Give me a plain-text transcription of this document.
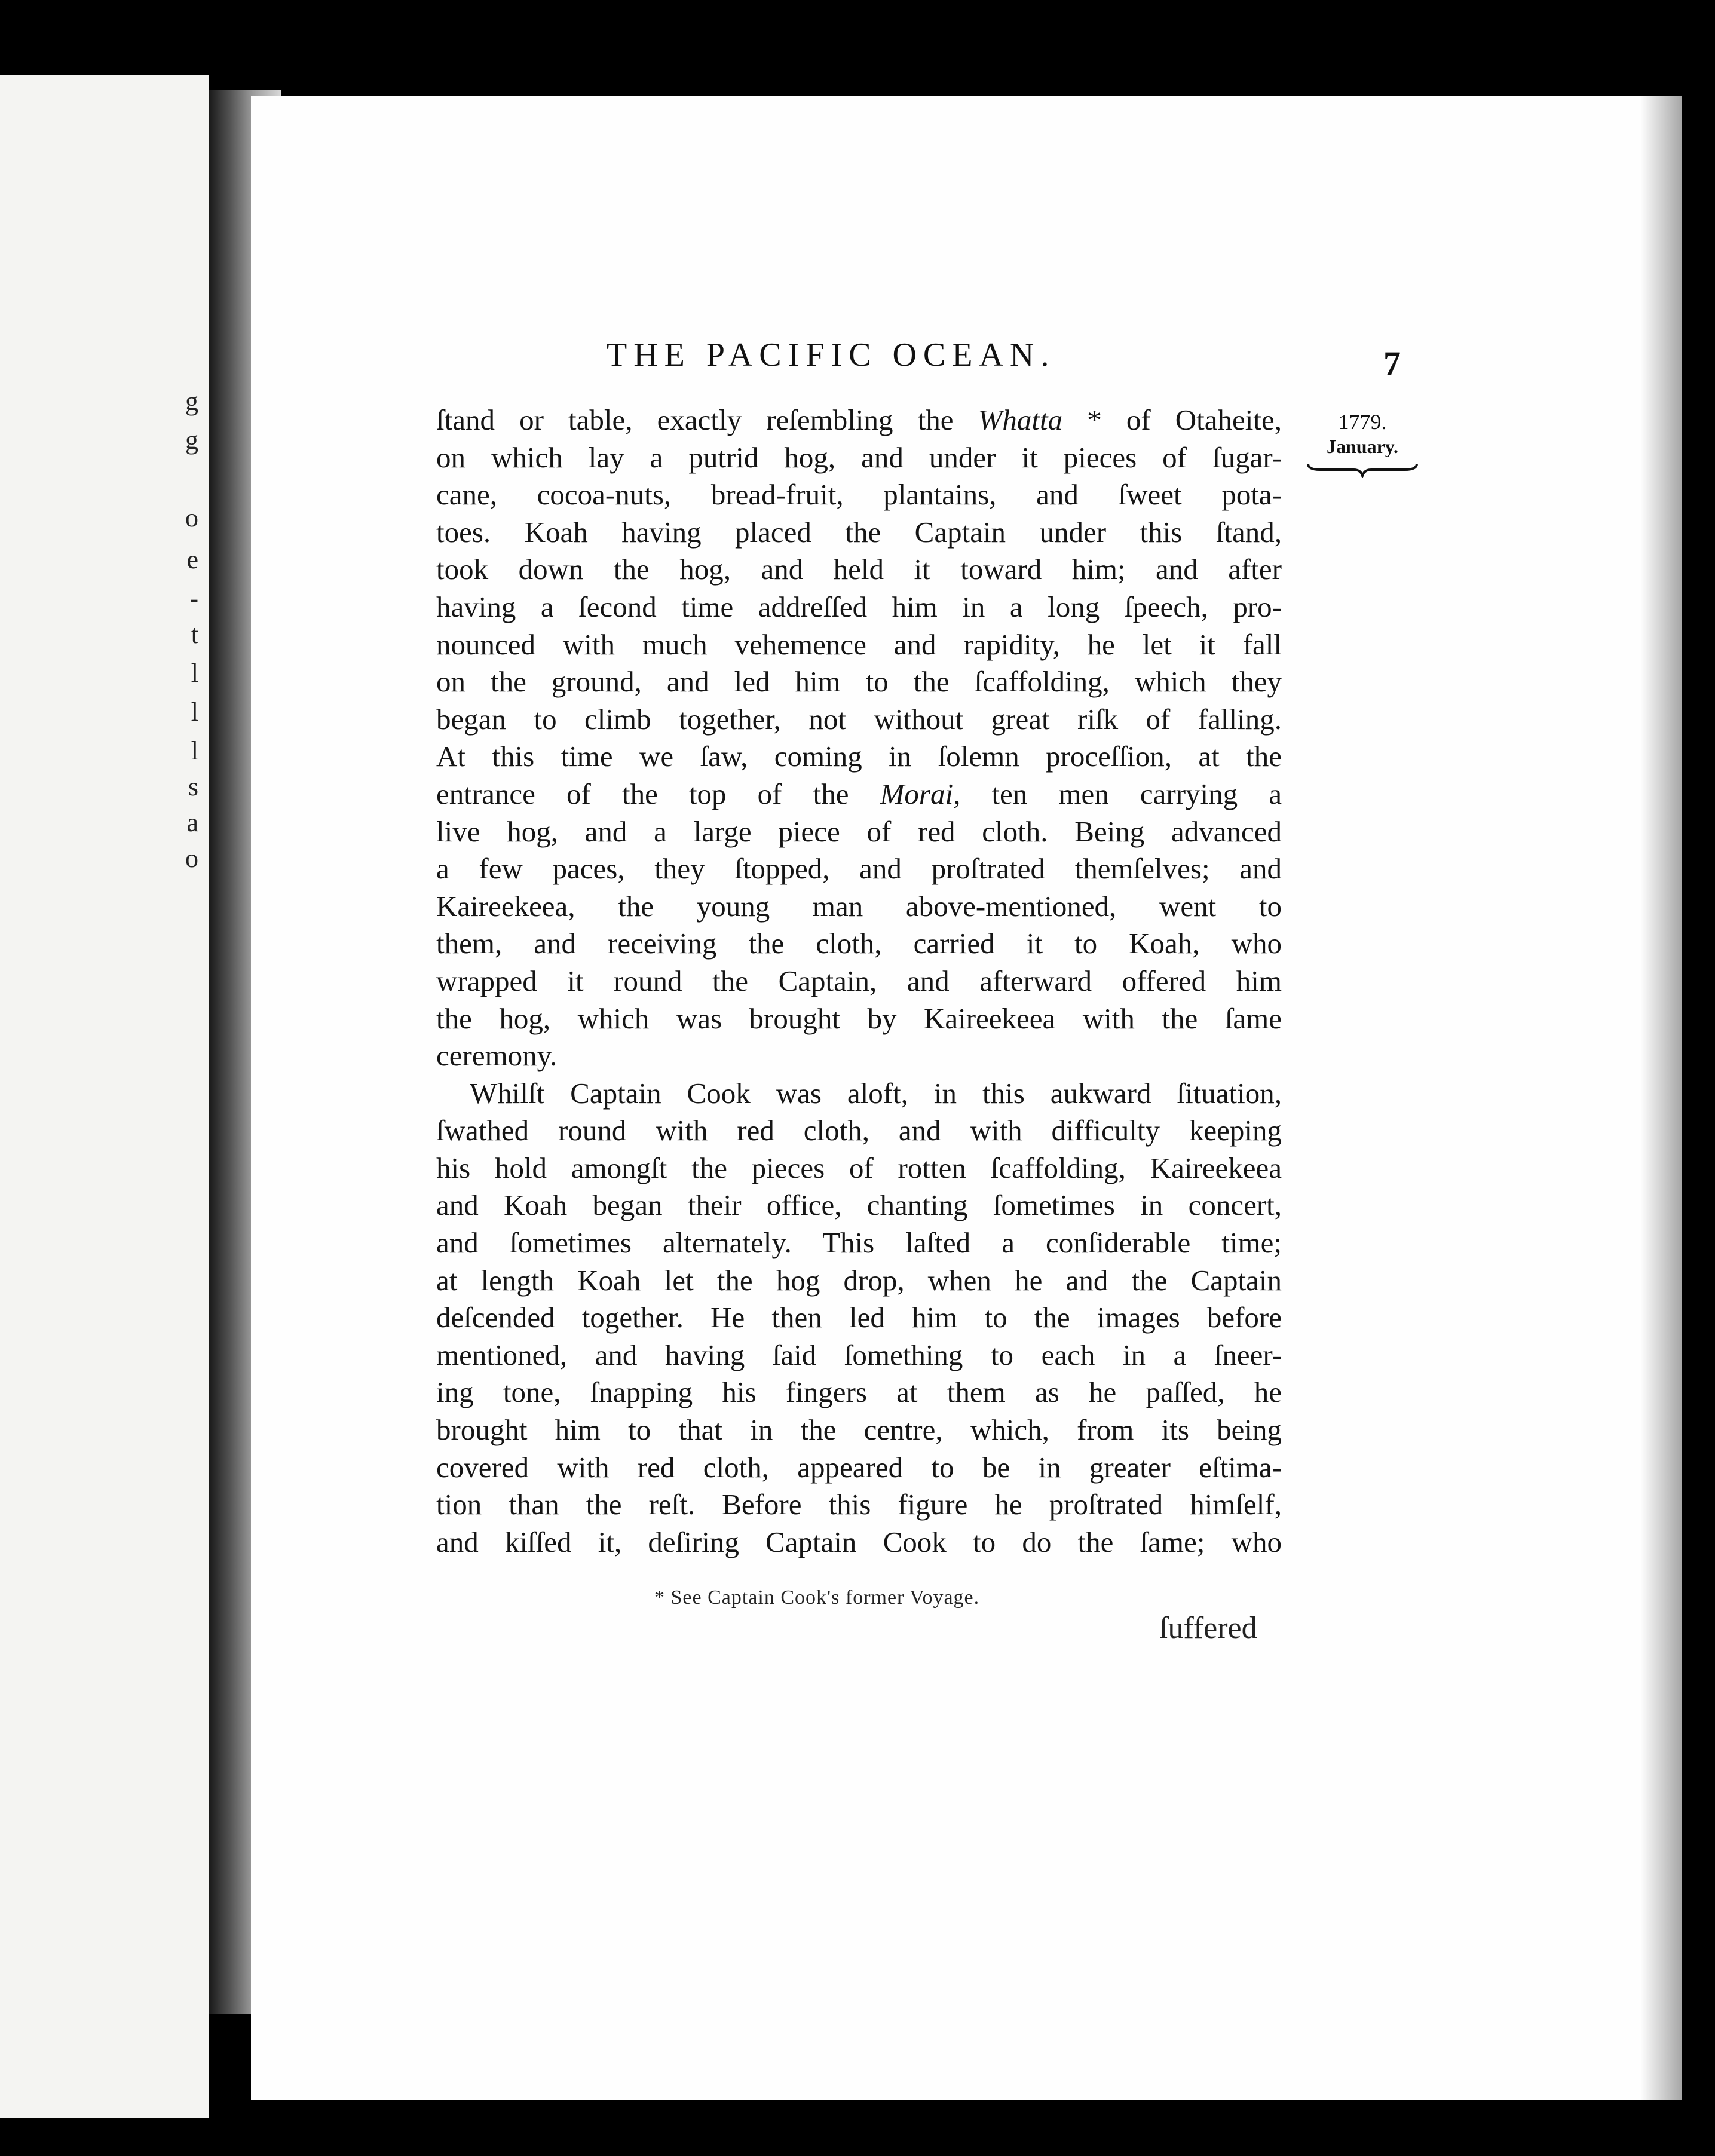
g
g
o
e
-
t
l
l
l
s
a
o
THE PACIFIC OCEAN.	7
1779.
January.
ſtand or table, exactly reſembling the Whatta * of Otaheite,
on which lay a putrid hog, and under it pieces of ſugar-
cane, cocoa-nuts, bread-fruit, plantains, and ſweet pota-
toes. Koah having placed the Captain under this ſtand,
took down the hog, and held it toward him; and after
having a ſecond time addreſſed him in a long ſpeech, pro-
nounced with much vehemence and rapidity, he let it fall
on the ground, and led him to the ſcaffolding, which they
began to climb together, not without great riſk of falling.
At this time we ſaw, coming in ſolemn proceſſion, at the
entrance of the top of the Morai, ten men carrying a
live hog, and a large piece of red cloth. Being advanced
a few paces, they ſtopped, and proſtrated themſelves; and
Kaireekeea, the young man above-mentioned, went to
them, and receiving the cloth, carried it to Koah, who
wrapped it round the Captain, and afterward offered him
the hog, which was brought by Kaireekeea with the ſame
ceremony.
Whilſt Captain Cook was aloft, in this aukward ſituation,
ſwathed round with red cloth, and with difficulty keeping
his hold amongſt the pieces of rotten ſcaffolding, Kaireekeea
and Koah began their office, chanting ſometimes in concert,
and ſometimes alternately. This laſted a conſiderable time;
at length Koah let the hog drop, when he and the Captain
deſcended together. He then led him to the images before
mentioned, and having ſaid ſomething to each in a ſneer-
ing tone, ſnapping his fingers at them as he paſſed, he
brought him to that in the centre, which, from its being
covered with red cloth, appeared to be in greater eſtima-
tion than the reſt. Before this figure he proſtrated himſelf,
and kiſſed it, deſiring Captain Cook to do the ſame; who
* See Captain Cook's former Voyage.
ſuffered
